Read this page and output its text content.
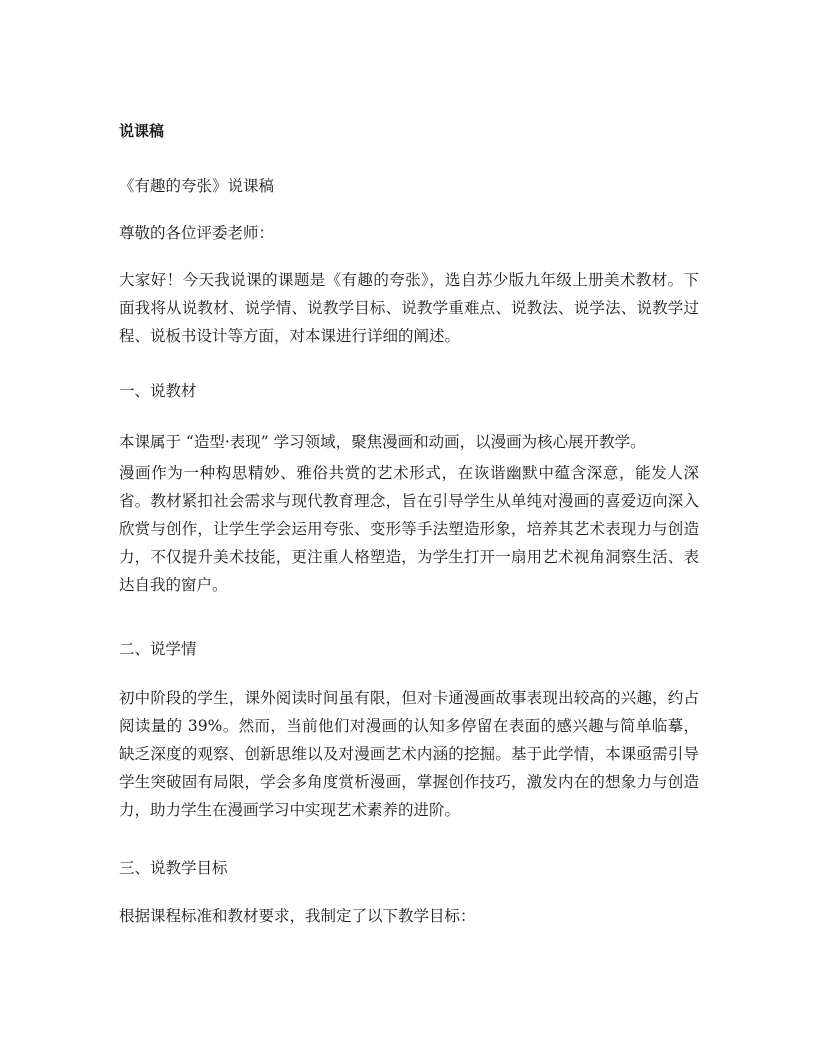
说课稿

《有趣的夸张》说课稿

尊敬的各位评委老师：

大家好！今天我说课的课题是《有趣的夸张》，选自苏少版九年级上册美术教材。下面我将从说教材、说学情、说教学目标、说教学重难点、说教法、说学法、说教学过程、说板书设计等方面，对本课进行详细的阐述。

一、说教材

本课属于 “造型·表现” 学习领域，聚焦漫画和动画，以漫画为核心展开教学。

漫画作为一种构思精妙、雅俗共赏的艺术形式，在诙谐幽默中蕴含深意，能发人深省。教材紧扣社会需求与现代教育理念，旨在引导学生从单纯对漫画的喜爱迈向深入欣赏与创作，让学生学会运用夸张、变形等手法塑造形象，培养其艺术表现力与创造力，不仅提升美术技能，更注重人格塑造，为学生打开一扇用艺术视角洞察生活、表达自我的窗户。

二、说学情

初中阶段的学生，课外阅读时间虽有限，但对卡通漫画故事表现出较高的兴趣，约占阅读量的 39%。然而，当前他们对漫画的认知多停留在表面的感兴趣与简单临摹，缺乏深度的观察、创新思维以及对漫画艺术内涵的挖掘。基于此学情，本课亟需引导学生突破固有局限，学会多角度赏析漫画，掌握创作技巧，激发内在的想象力与创造力，助力学生在漫画学习中实现艺术素养的进阶。

三、说教学目标

根据课程标准和教材要求，我制定了以下教学目标：
